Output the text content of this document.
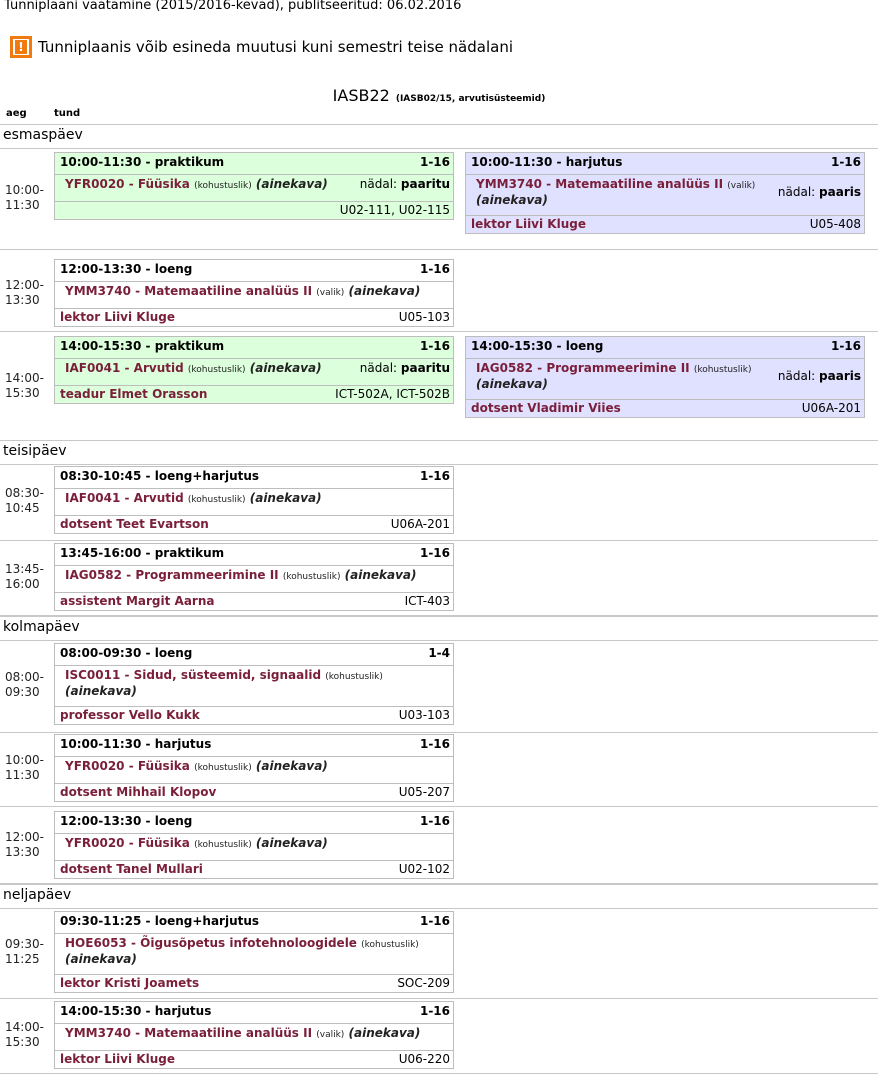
Tunniplaani vaatamine (2015/2016-kevad), publitseeritud: 06.02.2016
! Tunniplaanis võib esineda muutusi kuni semestri teise nädalani
IASB22 (IASB02/15, arvutisüsteemid)
aeg	tund
esmaspäev
10:00-
11:30
10:00-11:30 - praktikum	1-16
YFR0020 - Füüsika (kohustuslik) (ainekava)	nädal: paaritu
U02-111, U02-115
10:00-11:30 - harjutus	1-16
YMM3740 - Matemaatiline analüüs II (valik)
(ainekava)
nädal: paaris
lektor Liivi Kluge	U05-408
12:00-
13:30
12:00-13:30 - loeng	1-16
YMM3740 - Matemaatiline analüüs II (valik) (ainekava)
lektor Liivi Kluge	U05-103
14:00-
15:30
14:00-15:30 - praktikum	1-16
IAF0041 - Arvutid (kohustuslik) (ainekava)	nädal: paaritu
teadur Elmet Orasson	ICT-502A, ICT-502B
14:00-15:30 - loeng	1-16
IAG0582 - Programmeerimine II (kohustuslik)
(ainekava)
nädal: paaris
dotsent Vladimir Viies	U06A-201
teisipäev
08:30-
10:45
08:30-10:45 - loeng+harjutus	1-16
IAF0041 - Arvutid (kohustuslik) (ainekava)
dotsent Teet Evartson	U06A-201
13:45-
16:00
13:45-16:00 - praktikum	1-16
IAG0582 - Programmeerimine II (kohustuslik) (ainekava)
assistent Margit Aarna	ICT-403
kolmapäev
08:00-
09:30
08:00-09:30 - loeng	1-4
ISC0011 - Sidud, süsteemid, signaalid (kohustuslik)
(ainekava)
professor Vello Kukk	U03-103
10:00-
11:30
10:00-11:30 - harjutus	1-16
YFR0020 - Füüsika (kohustuslik) (ainekava)
dotsent Mihhail Klopov	U05-207
12:00-
13:30
12:00-13:30 - loeng	1-16
YFR0020 - Füüsika (kohustuslik) (ainekava)
dotsent Tanel Mullari	U02-102
neljapäev
09:30-
11:25
09:30-11:25 - loeng+harjutus	1-16
HOE6053 - Õigusõpetus infotehnoloogidele (kohustuslik)
(ainekava)
lektor Kristi Joamets	SOC-209
14:00-
15:30
14:00-15:30 - harjutus	1-16
YMM3740 - Matemaatiline analüüs II (valik) (ainekava)
lektor Liivi Kluge	U06-220
